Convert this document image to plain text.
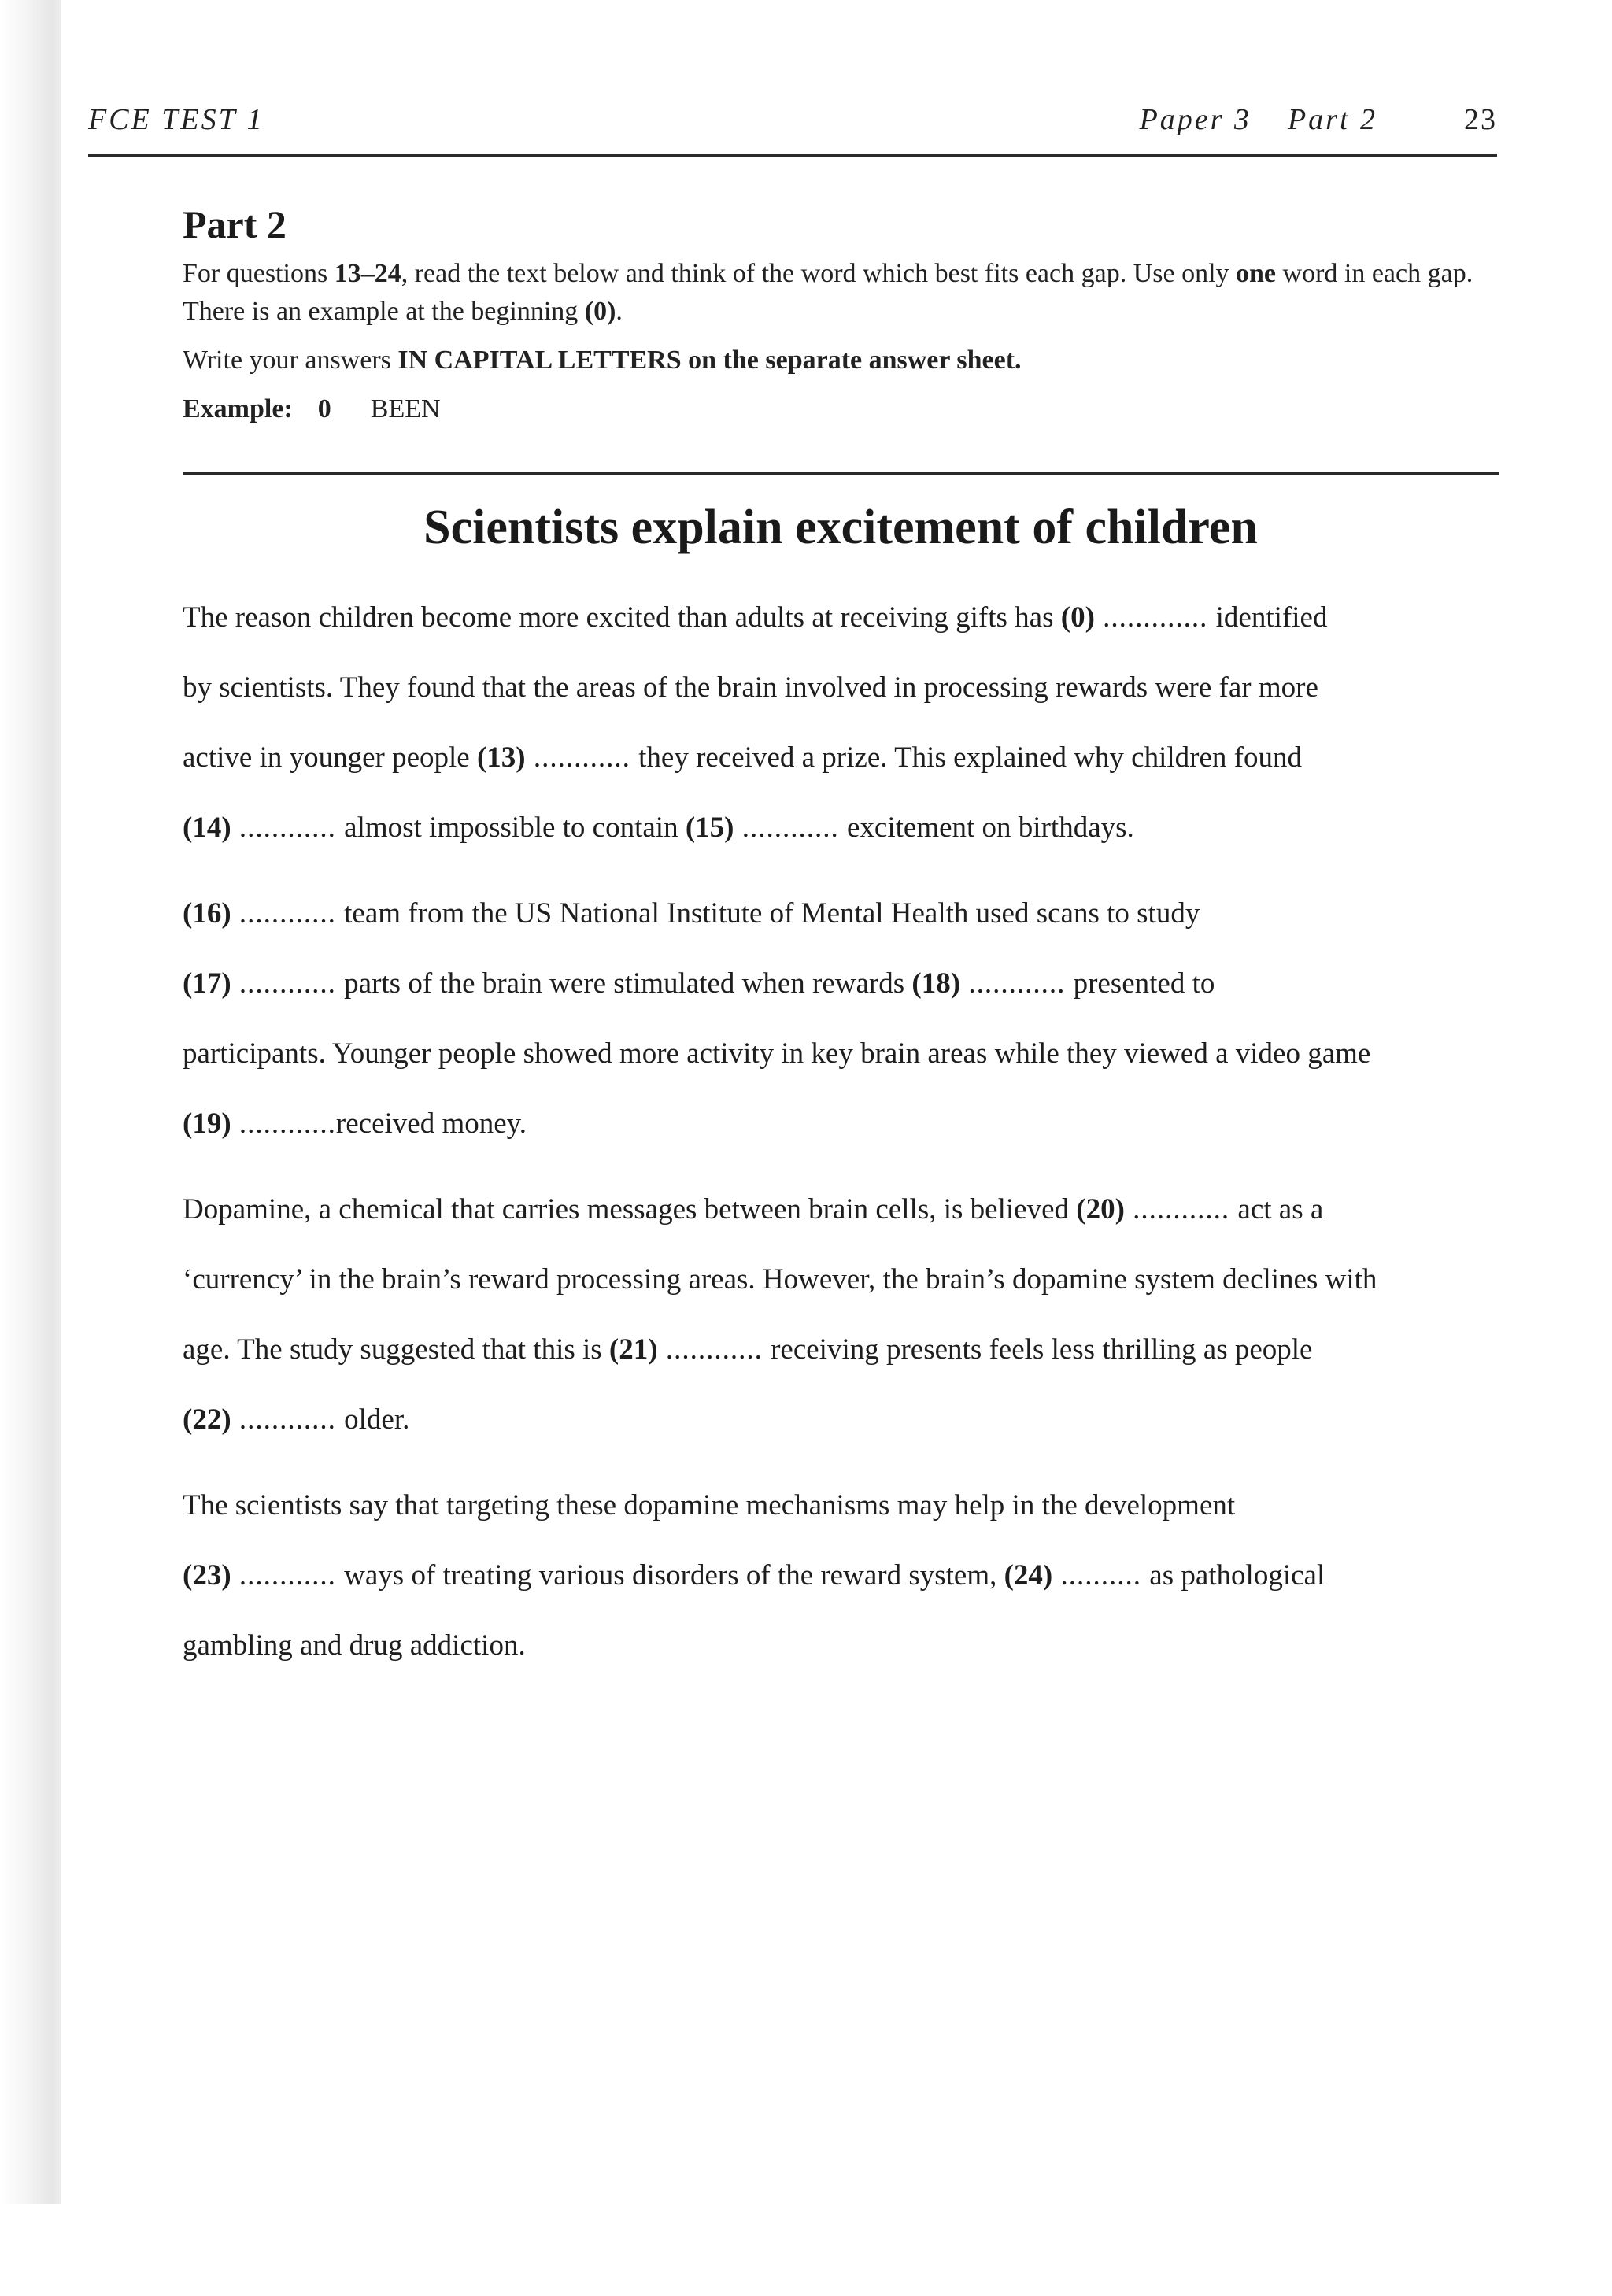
FCE TEST 1	Paper 3 Part 2	23
Part 2

For questions 13–24, read the text below and think of the word which best fits each gap. Use only one word in each gap. There is an example at the beginning (0).

Write your answers IN CAPITAL LETTERS on the separate answer sheet.

Example: 0 BEEN

Scientists explain excitement of children
The reason children become more excited than adults at receiving gifts has (0) ............. identified
by scientists. They found that the areas of the brain involved in processing rewards were far more
active in younger people (13) ............ they received a prize. This explained why children found
(14) ............ almost impossible to contain (15) ............ excitement on birthdays.
(16) ............ team from the US National Institute of Mental Health used scans to study
(17) ............ parts of the brain were stimulated when rewards (18) ............ presented to
participants. Younger people showed more activity in key brain areas while they viewed a video game
(19) ............received money.
Dopamine, a chemical that carries messages between brain cells, is believed (20) ............ act as a
‘currency’ in the brain’s reward processing areas. However, the brain’s dopamine system declines with
age. The study suggested that this is (21) ............ receiving presents feels less thrilling as people
(22) ............ older.
The scientists say that targeting these dopamine mechanisms may help in the development
(23) ............ ways of treating various disorders of the reward system, (24) .......... as pathological
gambling and drug addiction.
